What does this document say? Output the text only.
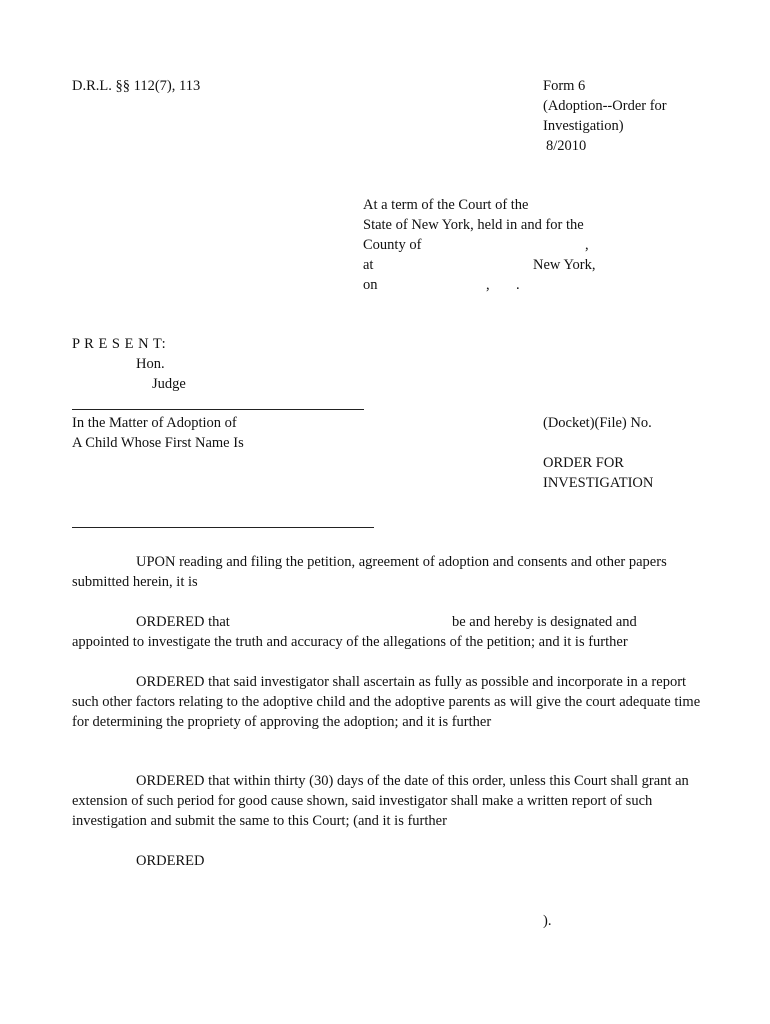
D.R.L. §§ 112(7), 113	Form 6
(Adoption--Order for
Investigation)
8/2010
At a term of the Court of the
State of New York, held in and for the
County of	,
at	New York,
on	, .
P R E S E N T:
Hon.
Judge
In the Matter of Adoption of
A Child Whose First Name Is
(Docket)(File) No.
ORDER FOR
INVESTIGATION

UPON reading and filing the petition, agreement of adoption and consents and other papers submitted herein, it is

ORDERED that	be and hereby is designated and
appointed to investigate the truth and accuracy of the allegations of the petition; and it is further

ORDERED that said investigator shall ascertain as fully as possible and incorporate in a report such other factors relating to the adoptive child and the adoptive parents as will give the court adequate time for determining the propriety of approving the adoption; and it is further

ORDERED that within thirty (30) days of the date of this order, unless this Court shall grant an extension of such period for good cause shown, said investigator shall make a written report of such investigation and submit the same to this Court; (and it is further

ORDERED
).
